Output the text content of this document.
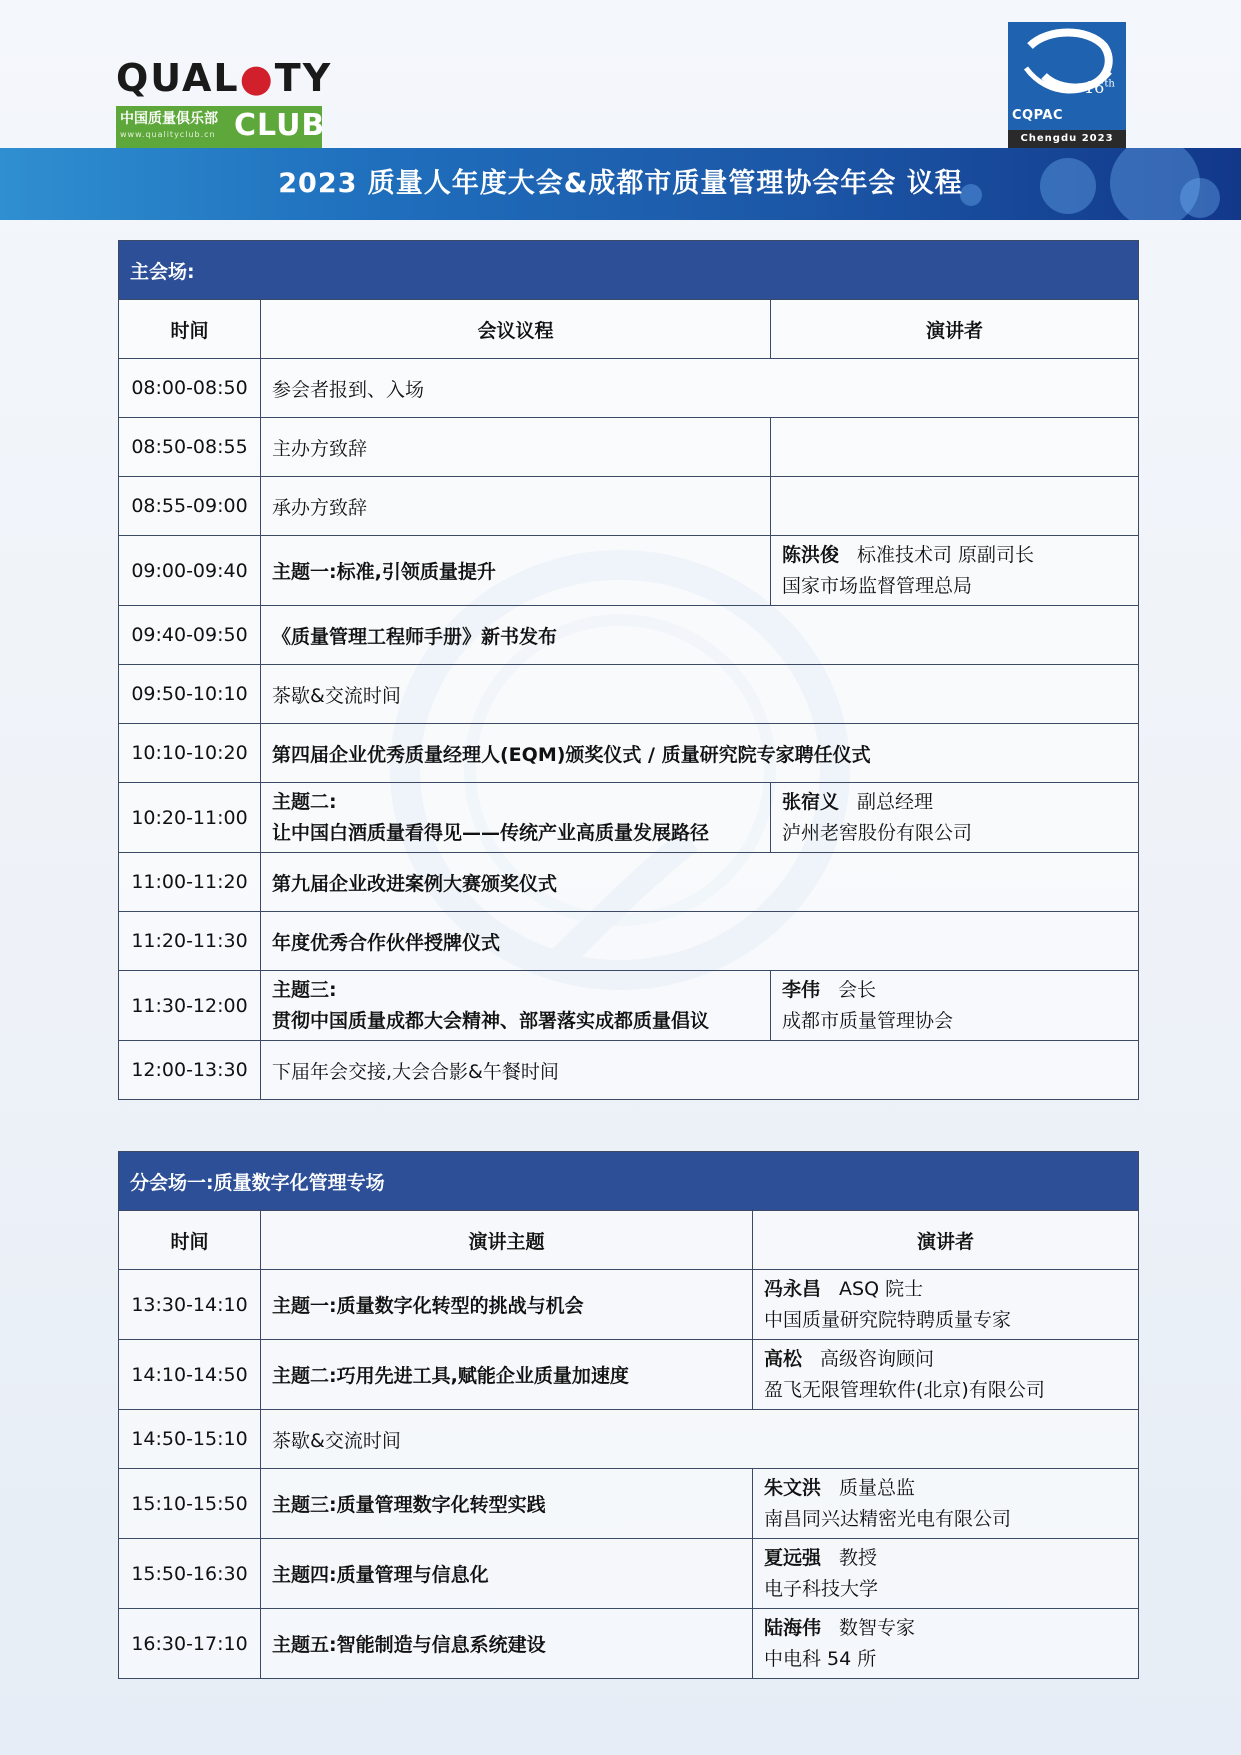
QUAL●TY
中国质量俱乐部
www.qualityclub.cn CLUB
16th
CQPAC
Chengdu 2023
2023 质量人年度大会&成都市质量管理协会年会 议程
主会场:		
时间	会议议程	演讲者
08:00-08:50	参会者报到、入场	
08:50-08:55	主办方致辞	
08:55-09:00	承办方致辞	
09:00-09:40	主题一:标准,引领质量提升	陈洪俊 标准技术司 原副司长
国家市场监督管理总局

09:40-09:50	《质量管理工程师手册》新书发布	
09:50-10:10	茶歇&交流时间	
10:10-10:20	第四届企业优秀质量经理人(EQM)颁奖仪式 / 质量研究院专家聘任仪式	
10:20-11:00	主题二:
让中国白酒质量看得见——传统产业高质量发展路径	张宿义 副总经理
泸州老窖股份有限公司

11:00-11:20	第九届企业改进案例大赛颁奖仪式	
11:20-11:30	年度优秀合作伙伴授牌仪式	
11:30-12:00	主题三:
贯彻中国质量成都大会精神、部署落实成都质量倡议	李伟 会长
成都市质量管理协会

12:00-13:30	下届年会交接,大会合影&午餐时间	
分会场一:质量数字化管理专场		
时间	演讲主题	演讲者
13:30-14:10	主题一:质量数字化转型的挑战与机会	冯永昌 ASQ 院士
中国质量研究院特聘质量专家

14:10-14:50	主题二:巧用先进工具,赋能企业质量加速度	高松 高级咨询顾问
盈飞无限管理软件(北京)有限公司

14:50-15:10	茶歇&交流时间	
15:10-15:50	主题三:质量管理数字化转型实践	朱文洪 质量总监
南昌同兴达精密光电有限公司

15:50-16:30	主题四:质量管理与信息化	夏远强 教授
电子科技大学

16:30-17:10	主题五:智能制造与信息系统建设	陆海伟 数智专家
中电科 54 所
